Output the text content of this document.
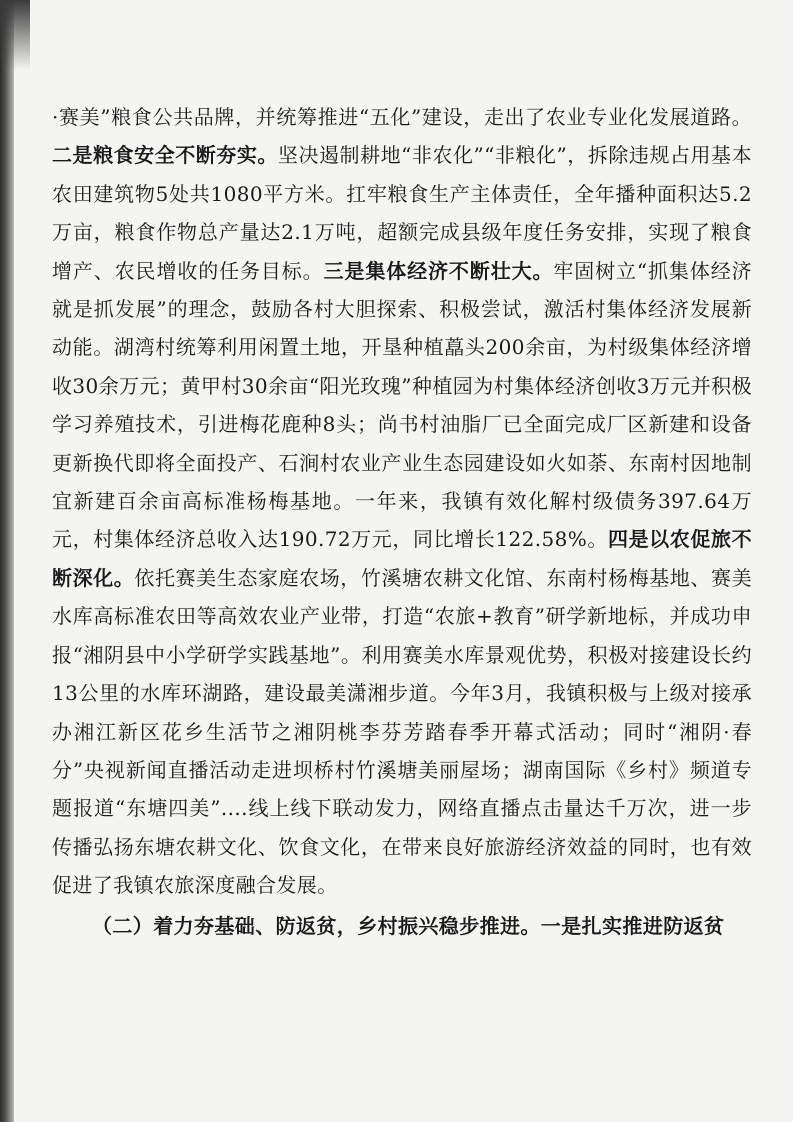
·赛美”粮食公共品牌，并统筹推进“五化”建设，走出了农业专业化发展道路。二是粮食安全不断夯实。坚决遏制耕地“非农化”“非粮化”，拆除违规占用基本农田建筑物5处共1080平方米。扛牢粮食生产主体责任，全年播种面积达5.2万亩，粮食作物总产量达2.1万吨，超额完成县级年度任务安排，实现了粮食增产、农民增收的任务目标。三是集体经济不断壮大。牢固树立“抓集体经济就是抓发展”的理念，鼓励各村大胆探索、积极尝试，激活村集体经济发展新动能。湖湾村统筹利用闲置土地，开垦种植藠头200余亩，为村级集体经济增收30余万元；黄甲村30余亩“阳光玫瑰”种植园为村集体经济创收3万元并积极学习养殖技术，引进梅花鹿种8头；尚书村油脂厂已全面完成厂区新建和设备更新换代即将全面投产、石涧村农业产业生态园建设如火如荼、东南村因地制宜新建百余亩高标准杨梅基地。一年来，我镇有效化解村级债务397.64万元，村集体经济总收入达190.72万元，同比增长122.58%。四是以农促旅不断深化。依托赛美生态家庭农场，竹溪塘农耕文化馆、东南村杨梅基地、赛美水库高标准农田等高效农业产业带，打造“农旅+教育”研学新地标，并成功申报“湘阴县中小学研学实践基地”。利用赛美水库景观优势，积极对接建设长约13公里的水库环湖路，建设最美潇湘步道。今年3月，我镇积极与上级对接承办湘江新区花乡生活节之湘阴桃李芬芳踏春季开幕式活动；同时“湘阴·春分”央视新闻直播活动走进坝桥村竹溪塘美丽屋场；湖南国际《乡村》频道专题报道“东塘四美”....线上线下联动发力，网络直播点击量达千万次，进一步传播弘扬东塘农耕文化、饮食文化，在带来良好旅游经济效益的同时，也有效促进了我镇农旅深度融合发展。

（二）着力夯基础、防返贫，乡村振兴稳步推进。一是扎实推进防返贫
